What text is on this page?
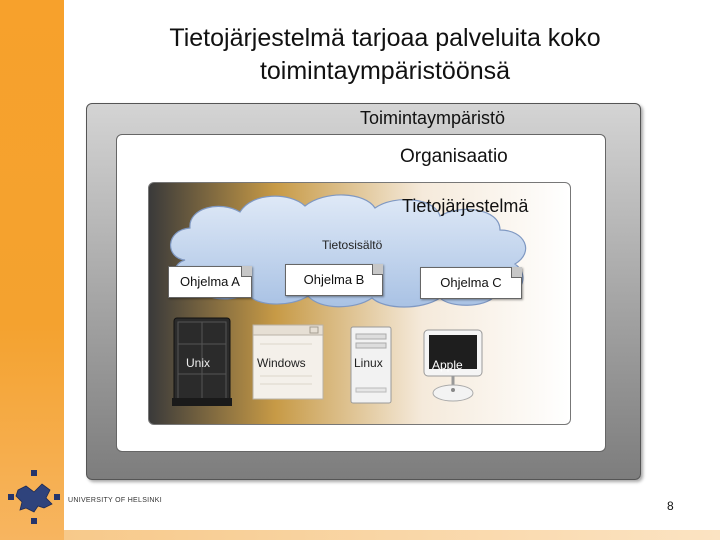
Tietojärjestelmä tarjoaa palveluita koko
toimintaympäristöönsä
Toimintaympäristö
Organisaatio
Tietojärjestelmä
Tietosisältö
Ohjelma A	Ohjelma B	Ohjelma C
Unix	Windows	Linux	Apple
UNIVERSITY OF HELSINKI	8
